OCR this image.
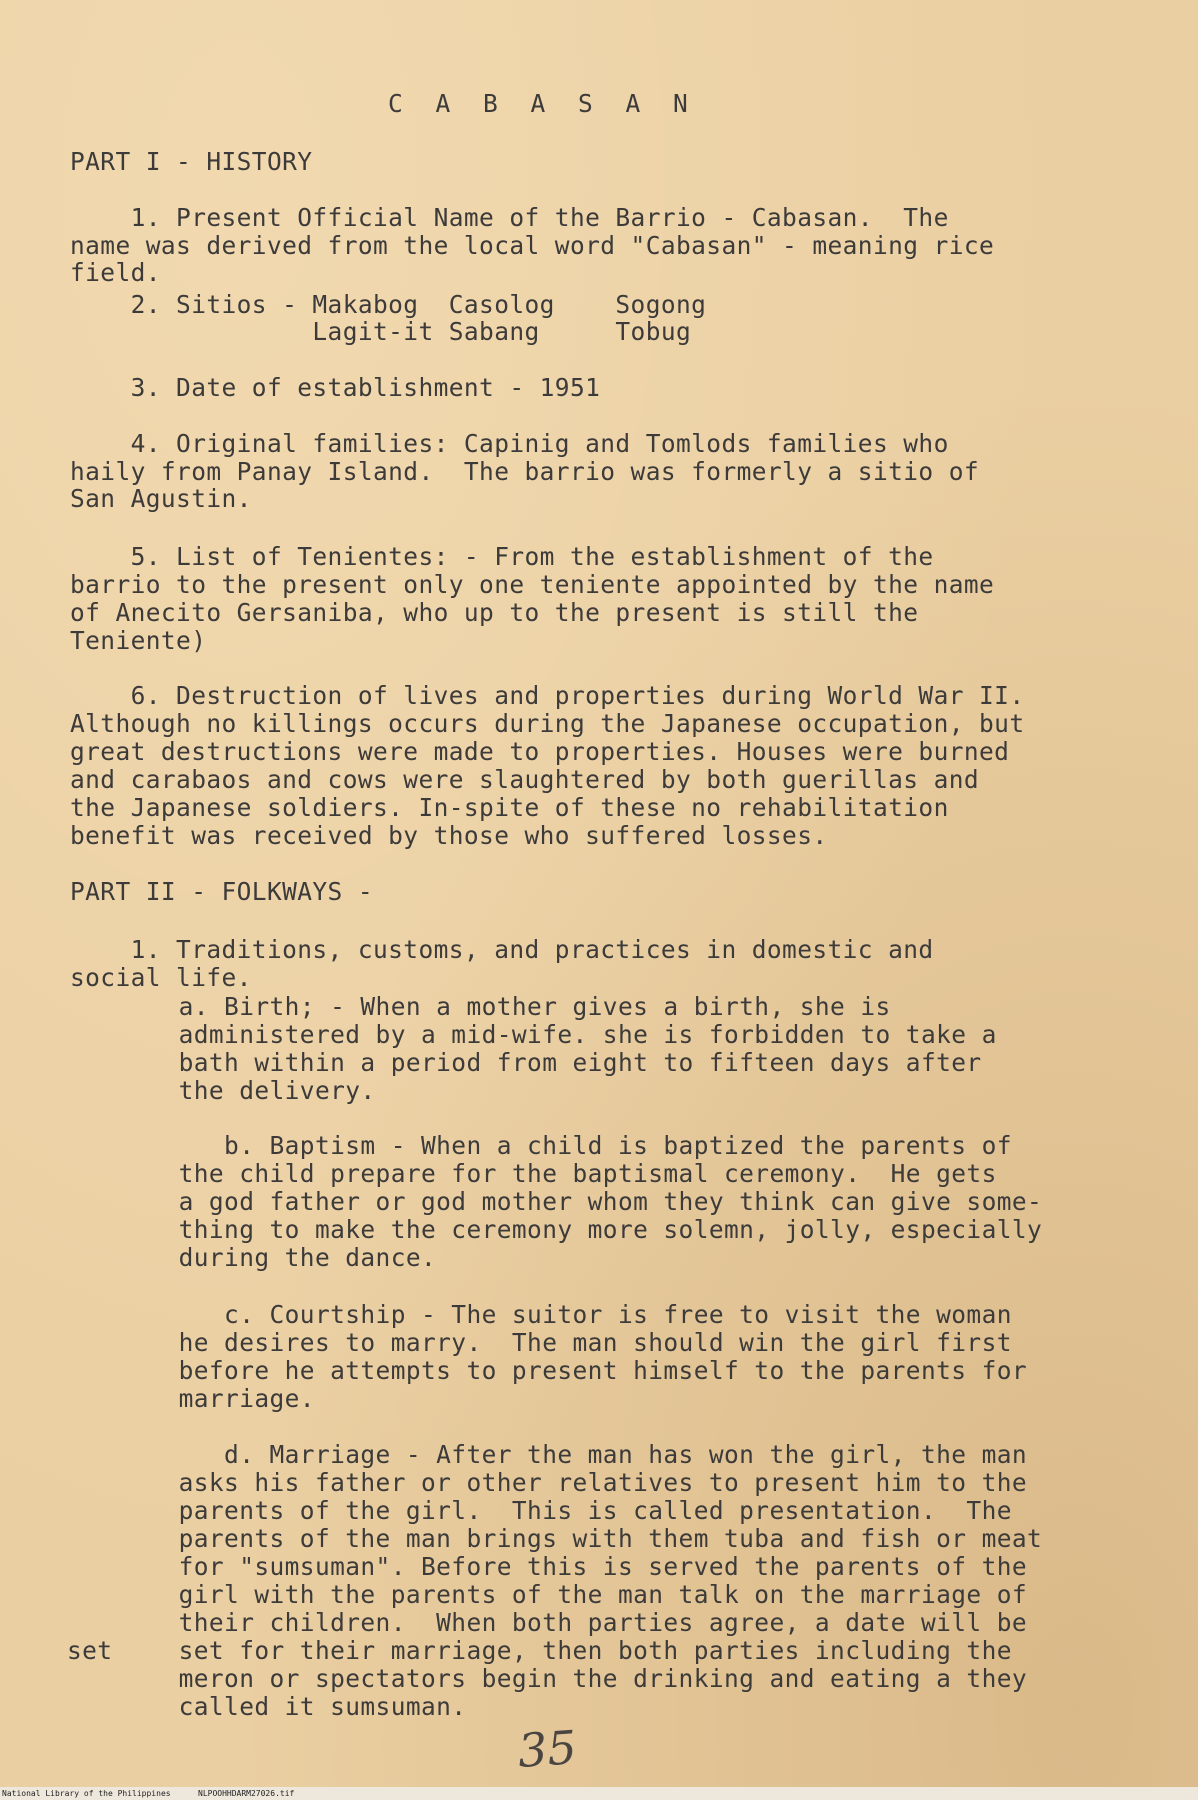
C A B A S A N
PART I - HISTORY
1. Present Official Name of the Barrio - Cabasan.  The
name was derived from the local word "Cabasan" - meaning rice
field.
2. Sitios - Makabog  Casolog    Sogong
Lagit-it Sabang     Tobug
3. Date of establishment - 1951
4. Original families: Capinig and Tomlods families who
haily from Panay Island.  The barrio was formerly a sitio of
San Agustin.
5. List of Tenientes: - From the establishment of the
barrio to the present only one teniente appointed by the name
of Anecito Gersaniba, who up to the present is still the
Teniente)
6. Destruction of lives and properties during World War II.
Although no killings occurs during the Japanese occupation, but
great destructions were made to properties. Houses were burned
and carabaos and cows were slaughtered by both guerillas and
the Japanese soldiers. In-spite of these no rehabilitation
benefit was received by those who suffered losses.
PART II - FOLKWAYS -
1. Traditions, customs, and practices in domestic and
social life.
a. Birth; - When a mother gives a birth, she is
administered by a mid-wife. she is forbidden to take a
bath within a period from eight to fifteen days after
the delivery.
b. Baptism - When a child is baptized the parents of
the child prepare for the baptismal ceremony.  He gets
a god father or god mother whom they think can give some-
thing to make the ceremony more solemn, jolly, especially
during the dance.
c. Courtship - The suitor is free to visit the woman
he desires to marry.  The man should win the girl first
before he attempts to present himself to the parents for
marriage.
d. Marriage - After the man has won the girl, the man
asks his father or other relatives to present him to the
parents of the girl.  This is called presentation.  The
parents of the man brings with them tuba and fish or meat
for "sumsuman". Before this is served the parents of the
girl with the parents of the man talk on the marriage of
their children.  When both parties agree, a date will be
set set for their marriage, then both parties including the
meron or spectators begin the drinking and eating a they
called it sumsuman.
35

National Library of the Philippines

	NLPOOHHDARM27026.tif
